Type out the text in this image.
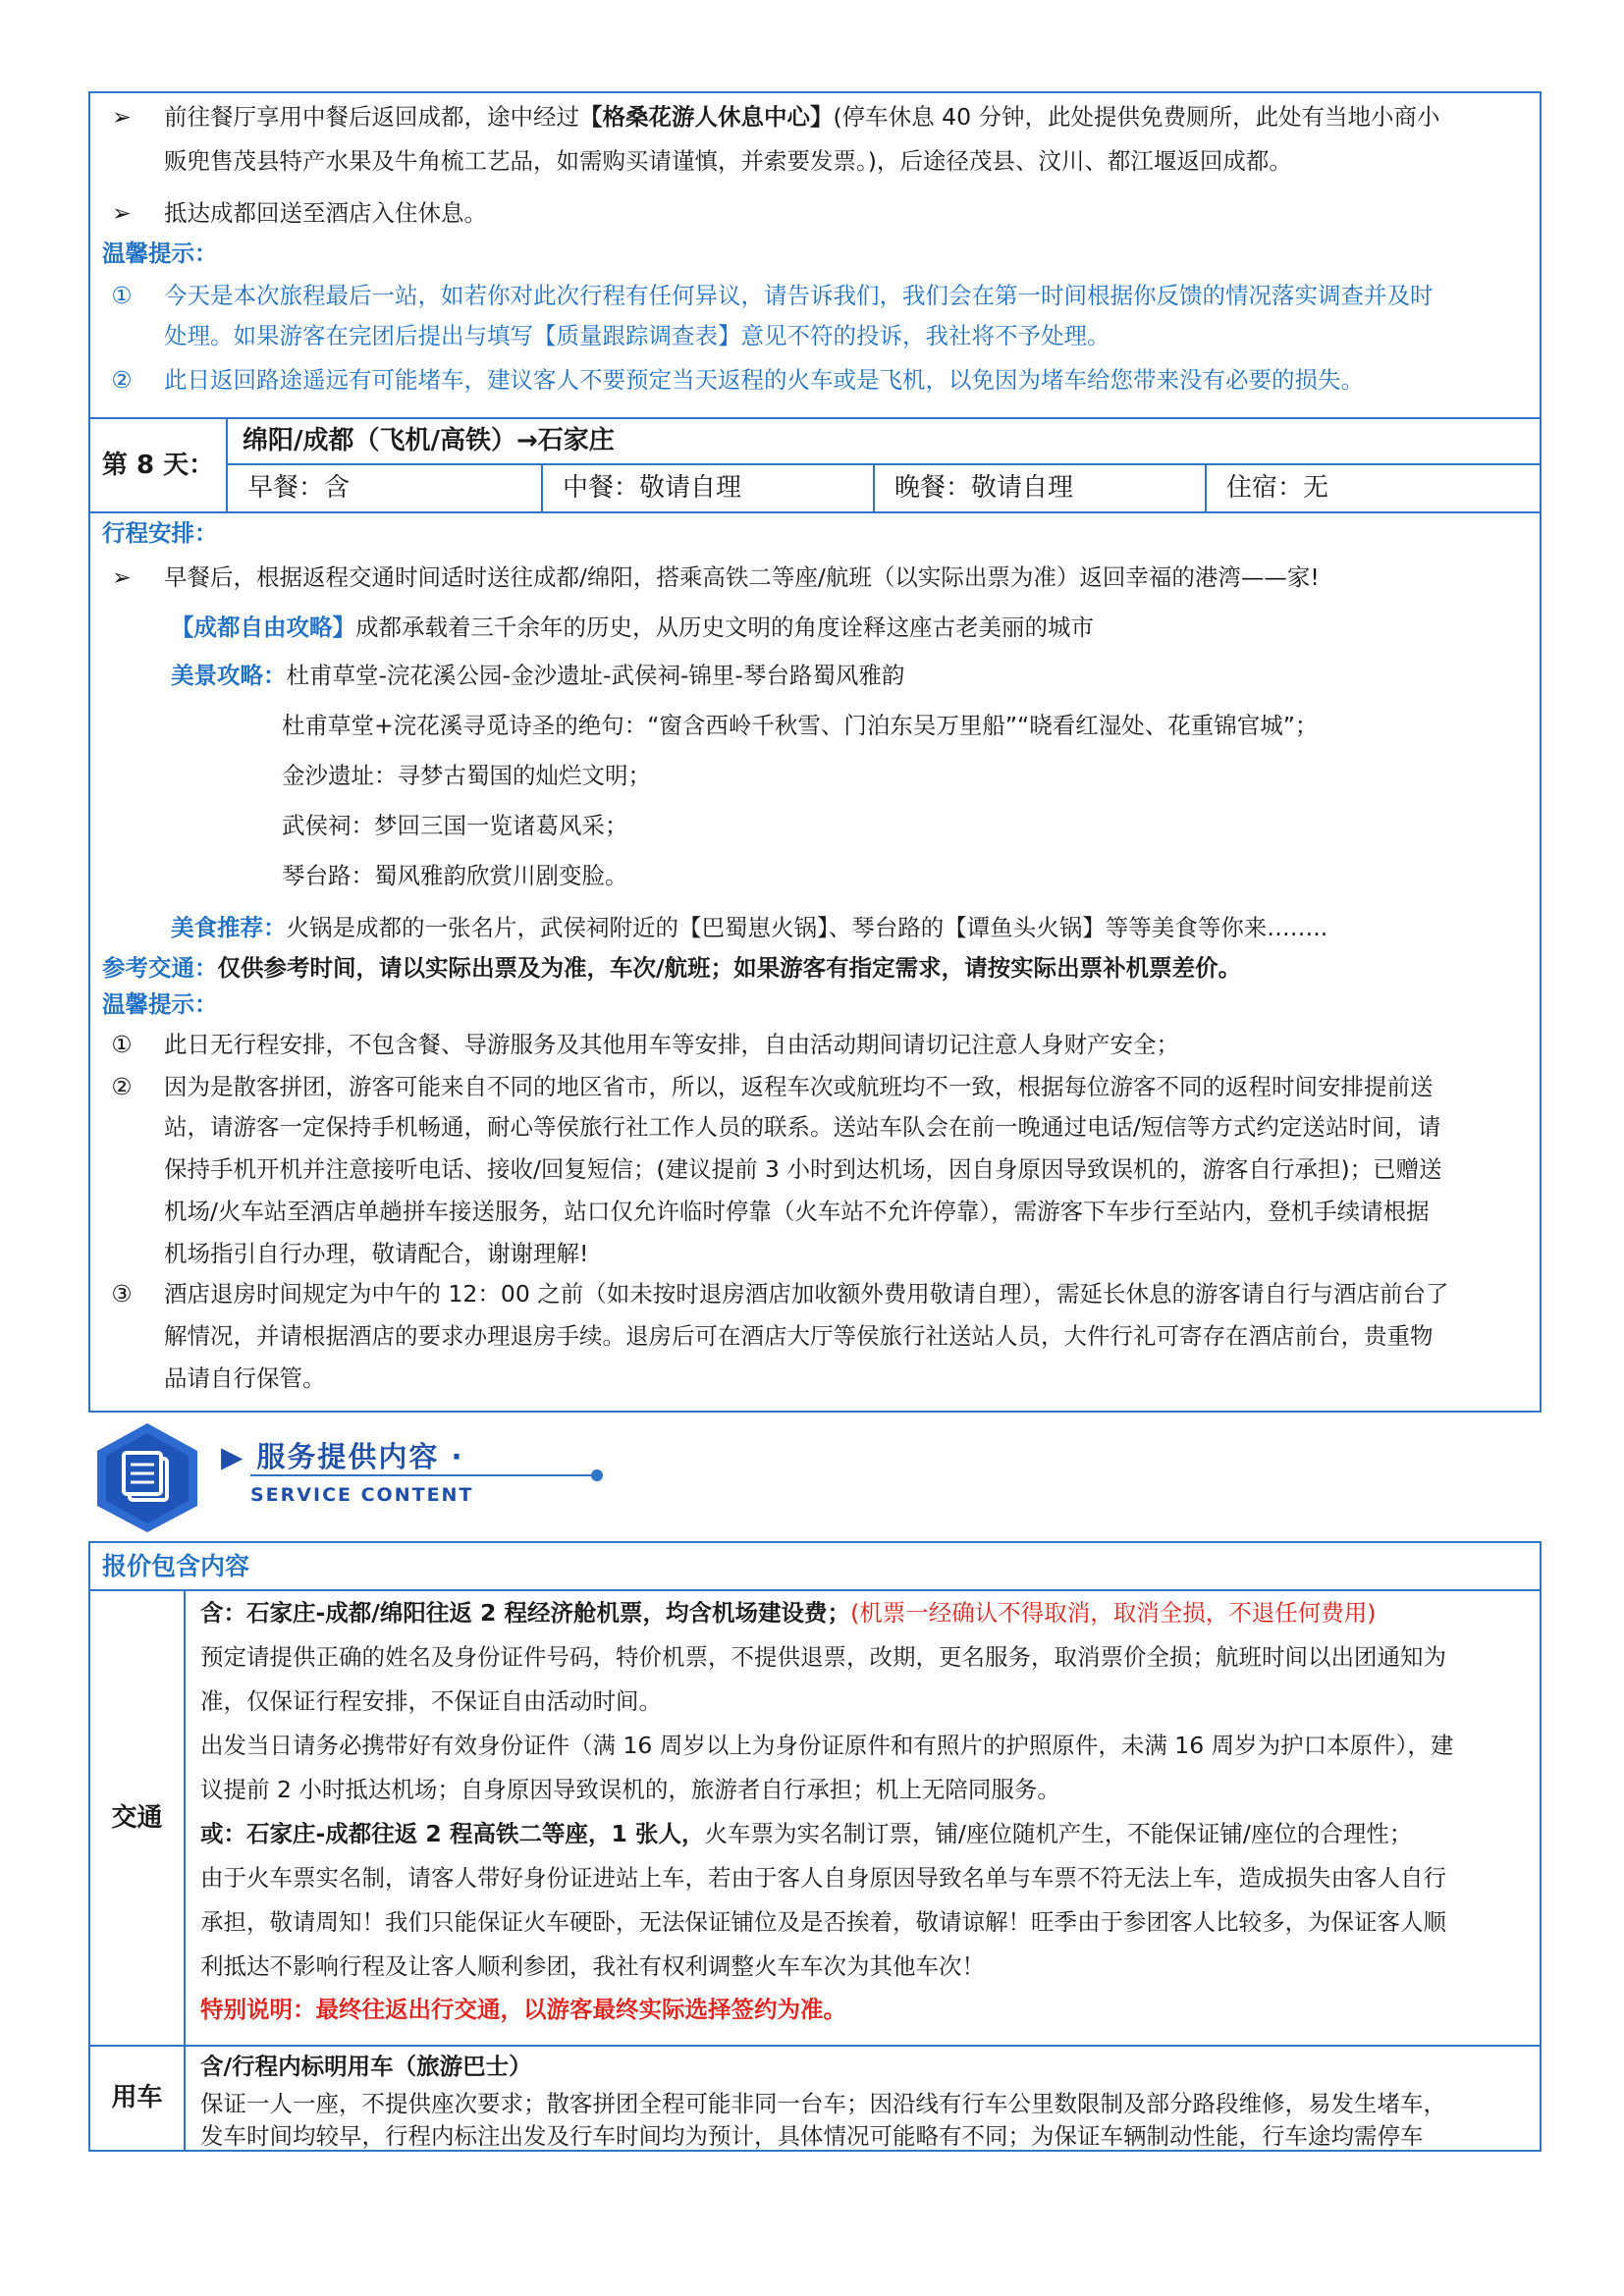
➢	前往餐厅享用中餐后返回成都，途中经过【格桑花游人休息中心】(停车休息 40 分钟，此处提供免费厕所，此处有当地小商小
贩兜售茂县特产水果及牛角梳工艺品，如需购买请谨慎，并索要发票。)，后途径茂县、汶川、都江堰返回成都。
➢	抵达成都回送至酒店入住休息。
温馨提示：
①	今天是本次旅程最后一站，如若你对此次行程有任何异议，请告诉我们，我们会在第一时间根据你反馈的情况落实调查并及时
处理。如果游客在完团后提出与填写【质量跟踪调查表】意见不符的投诉，我社将不予处理。
②	此日返回路途遥远有可能堵车，建议客人不要预定当天返程的火车或是飞机，以免因为堵车给您带来没有必要的损失。
第 8 天：
绵阳/成都（飞机/高铁）→石家庄
早餐：含	中餐：敬请自理	晚餐：敬请自理	住宿：无
行程安排：
➢	早餐后，根据返程交通时间适时送往成都/绵阳，搭乘高铁二等座/航班（以实际出票为准）返回幸福的港湾——家!
【成都自由攻略】成都承载着三千余年的历史，从历史文明的角度诠释这座古老美丽的城市
美景攻略：杜甫草堂-浣花溪公园-金沙遗址-武侯祠-锦里-琴台路蜀风雅韵
杜甫草堂+浣花溪寻觅诗圣的绝句：“窗含西岭千秋雪、门泊东吴万里船”“晓看红湿处、花重锦官城”；
金沙遗址：寻梦古蜀国的灿烂文明；
武侯祠：梦回三国一览诸葛风采；
琴台路：蜀风雅韵欣赏川剧变脸。
美食推荐：火锅是成都的一张名片，武侯祠附近的【巴蜀崽火锅】、琴台路的【谭鱼头火锅】等等美食等你来……..
参考交通：仅供参考时间，请以实际出票及为准，车次/航班；如果游客有指定需求，请按实际出票补机票差价。
温馨提示：
①	此日无行程安排，不包含餐、导游服务及其他用车等安排，自由活动期间请切记注意人身财产安全；
②	因为是散客拼团，游客可能来自不同的地区省市，所以，返程车次或航班均不一致，根据每位游客不同的返程时间安排提前送
站，请游客一定保持手机畅通，耐心等侯旅行社工作人员的联系。送站车队会在前一晚通过电话/短信等方式约定送站时间，请
保持手机开机并注意接听电话、接收/回复短信；(建议提前 3 小时到达机场，因自身原因导致误机的，游客自行承担)；已赠送
机场/火车站至酒店单趟拼车接送服务，站口仅允许临时停靠（火车站不允许停靠），需游客下车步行至站内，登机手续请根据
机场指引自行办理，敬请配合，谢谢理解!
③	酒店退房时间规定为中午的 12：00 之前（如未按时退房酒店加收额外费用敬请自理），需延长休息的游客请自行与酒店前台了
解情况，并请根据酒店的要求办理退房手续。退房后可在酒店大厅等侯旅行社送站人员，大件行礼可寄存在酒店前台，贵重物
品请自行保管。
▶ 服务提供内容 ·
SERVICE CONTENT
报价包含内容
交通
含：石家庄-成都/绵阳往返 2 程经济舱机票，均含机场建设费；(机票一经确认不得取消，取消全损，不退任何费用)
预定请提供正确的姓名及身份证件号码，特价机票，不提供退票，改期，更名服务，取消票价全损；航班时间以出团通知为
准，仅保证行程安排，不保证自由活动时间。
出发当日请务必携带好有效身份证件（满 16 周岁以上为身份证原件和有照片的护照原件，未满 16 周岁为护口本原件），建
议提前 2 小时抵达机场；自身原因导致误机的，旅游者自行承担；机上无陪同服务。
或：石家庄-成都往返 2 程高铁二等座，1 张人，火车票为实名制订票，铺/座位随机产生，不能保证铺/座位的合理性；
由于火车票实名制，请客人带好身份证进站上车，若由于客人自身原因导致名单与车票不符无法上车，造成损失由客人自行
承担，敬请周知！我们只能保证火车硬卧，无法保证铺位及是否挨着，敬请谅解！旺季由于参团客人比较多，为保证客人顺
利抵达不影响行程及让客人顺利参团，我社有权利调整火车车次为其他车次！
特别说明：最终往返出行交通，以游客最终实际选择签约为准。
用车
含/行程内标明用车（旅游巴士）
保证一人一座，不提供座次要求；散客拼团全程可能非同一台车；因沿线有行车公里数限制及部分路段维修，易发生堵车，
发车时间均较早，行程内标注出发及行车时间均为预计，具体情况可能略有不同；为保证车辆制动性能，行车途均需停车
